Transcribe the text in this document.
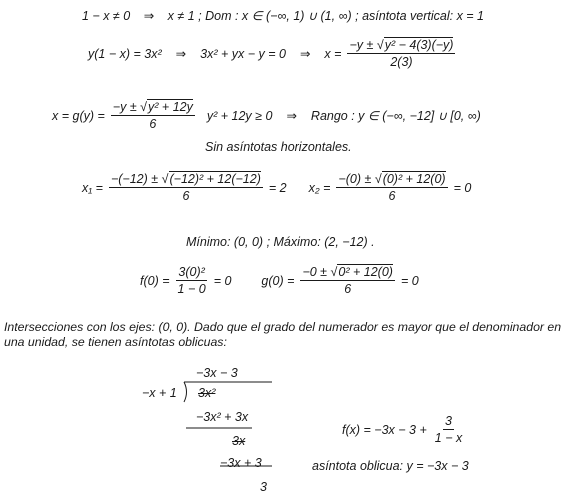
1 − x ≠ 0 ⇒ x ≠ 1 ; Dom : x ∈ (−∞, 1) ∪ (1, ∞) ; asíntota vertical: x = 1
y(1 − x) = 3x² ⇒ 3x² + yx − y = 0 ⇒ $x = \frac{\text{−y ± √y² − 4(3)(−y)}}{2(3)}$
$x = g(y) = \frac{\text{−y ± √y² + 12y}}{6} y^2 + 12y \ge 0$ ⇒ Rango : y ∈ (−∞, −12] ∪ [0, ∞)
Sin asíntotas horizontales.
$x_1 = \frac{\text{−(−12) ± √(−12)² + 12(−12)}}{6} = 2$ $x_2 = \frac{\text{−(0) ± √(0)² + 12(0)}}{6} = 0$
Mínimo: (0, 0) ; Máximo: (2, −12) .
$f(0) = \frac{\text{3(0)²}}{1 - 0} = 0$ $g(0) = \frac{\text{−0 ± √0² + 12(0)}}{6} = 0$
Intersecciones con los ejes: (0, 0). Dado que el grado del numerador es mayor que el denominador en una unidad, se tienen asíntotas oblicuas:
−3x − 3
−x + 1 3x²
−3x² + 3x
3x
−3x + 3
3
$f(x) = -3x - 3 + \frac{3}{1 - x}$
asíntota oblicua: y = −3x − 3
